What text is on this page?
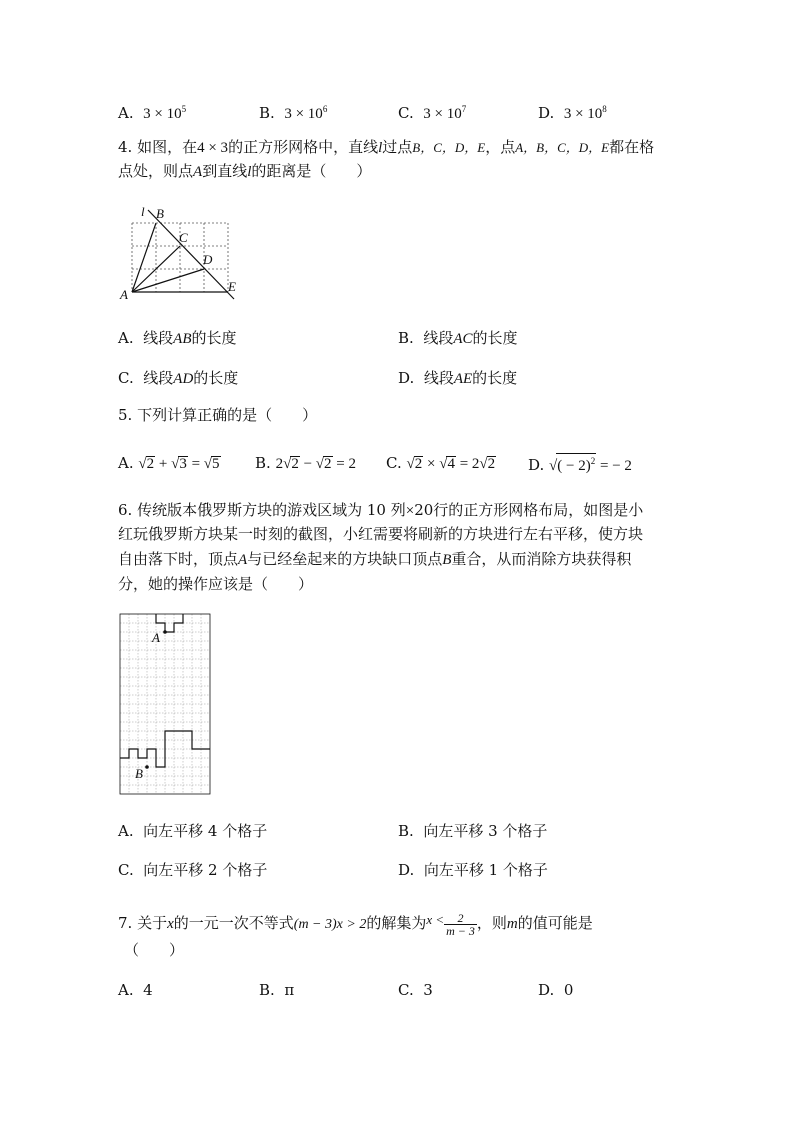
A. $3 \times 10^5$	B. $3 \times 10^6$	C. $3 \times 10^7$	D. $3 \times 10^8$
4. 如图，在4 × 3的正方形网格中，直线l过点B，C，D，E，点A，B，C，D，E都在格
点处，则点A到直线l的距离是（　　）
l B
C
D
A
E
A. 线段AB的长度	B. 线段AC的长度
C. 线段AD的长度	D. 线段AE的长度
5. 下列计算正确的是（　　）
A. √2 + √3 = √5 B. 2√2 − √2 = 2 C. √2 × √4 = 2√2 D. √( − 2)$^2$ = − 2
6. 传统版本俄罗斯方块的游戏区域为 10 列×20行的正方形网格布局，如图是小
红玩俄罗斯方块某一时刻的截图，小红需要将刷新的方块进行左右平移，使方块
自由落下时，顶点A与已经垒起来的方块缺口顶点B重合，从而消除方块获得积
分，她的操作应该是（　　）
A
B
A. 向左平移 4 个格子	B. 向左平移 3 个格子
C. 向左平移 2 个格子	D. 向左平移 1 个格子
7. 关于x的一元一次不等式(m − 3)x > 2的解集为$x < \frac{2}{m - 3}$ ，则m的值可能是
（　　）
A. 4	B. π	C. 3	D. 0
